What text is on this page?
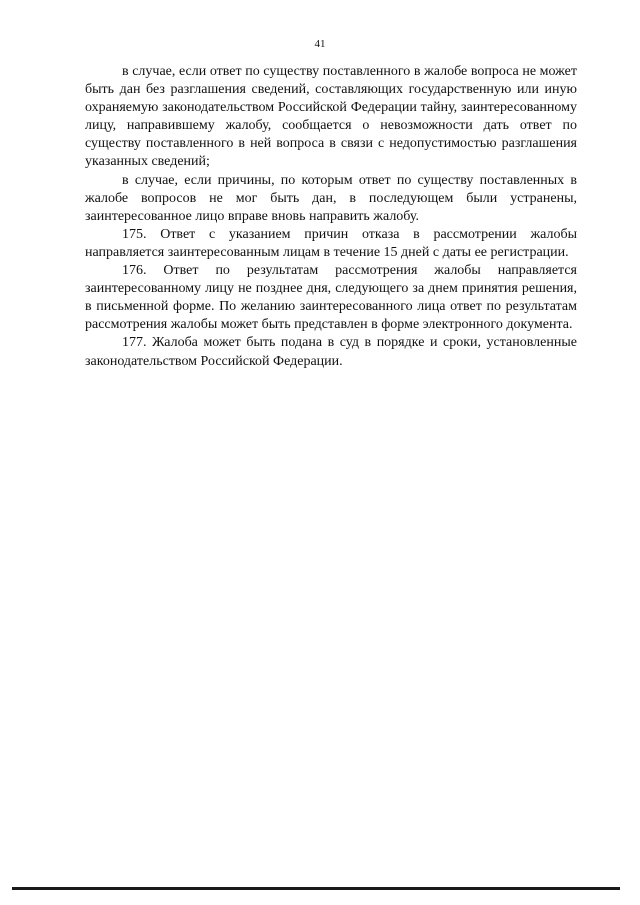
41

в случае, если ответ по существу поставленного в жалобе вопроса не может быть дан без разглашения сведений, составляющих государственную или иную охраняемую законодательством Российской Федерации тайну, заинтересованному лицу, направившему жалобу, сообщается о невозможности дать ответ по существу поставленного в ней вопроса в связи с недопустимостью разглашения указанных сведений;

в случае, если причины, по которым ответ по существу поставленных в жалобе вопросов не мог быть дан, в последующем были устранены, заинтересованное лицо вправе вновь направить жалобу.

175. Ответ с указанием причин отказа в рассмотрении жалобы направляется заинтересованным лицам в течение 15 дней с даты ее регистрации.

176. Ответ по результатам рассмотрения жалобы направляется заинтересованному лицу не позднее дня, следующего за днем принятия решения, в письменной форме. По желанию заинтересованного лица ответ по результатам рассмотрения жалобы может быть представлен в форме электронного документа.

177. Жалоба может быть подана в суд в порядке и сроки, установленные законодательством Российской Федерации.
